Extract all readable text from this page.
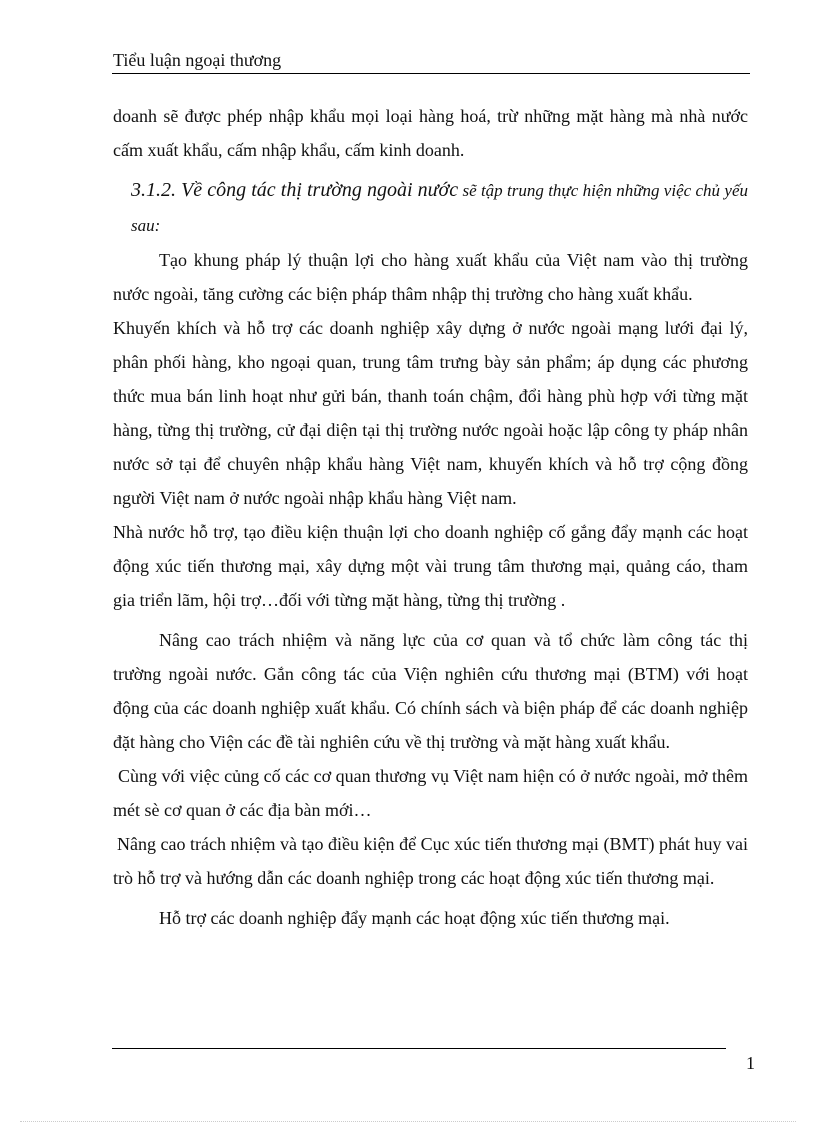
Tiểu luận ngoại thương

doanh sẽ được phép nhập khẩu mọi loại hàng hoá, trừ những mặt hàng mà nhà nước cấm xuất khẩu, cấm nhập khẩu, cấm kinh doanh.

3.1.2. Về công tác thị trường ngoài nước sẽ tập trung thực hiện những việc chủ yếu sau:

Tạo khung pháp lý thuận lợi cho hàng xuất khẩu của Việt nam vào thị trường nước ngoài, tăng cường các biện pháp thâm nhập thị trường cho hàng xuất khẩu.

Khuyến khích và hỗ trợ các doanh nghiệp xây dựng ở nước ngoài mạng lưới đại lý, phân phối hàng, kho ngoại quan, trung tâm trưng bày sản phẩm; áp dụng các phương thức mua bán linh hoạt như gửi bán, thanh toán chậm, đổi hàng phù hợp với từng mặt hàng, từng thị trường, cử đại diện tại thị trường nước ngoài hoặc lập công ty pháp nhân nước sở tại để chuyên nhập khẩu hàng Việt nam, khuyến khích và hỗ trợ cộng đồng người Việt nam ở nước ngoài nhập khẩu hàng Việt nam.

Nhà nước hỗ trợ, tạo điều kiện thuận lợi cho doanh nghiệp cố gắng đẩy mạnh các hoạt động xúc tiến thương mại, xây dựng một vài trung tâm thương mại, quảng cáo, tham gia triển lãm, hội trợ…đối với từng mặt hàng, từng thị trường .

Nâng cao trách nhiệm và năng lực của cơ quan và tổ chức làm công tác thị trường ngoài nước. Gắn công tác của Viện nghiên cứu thương mại (BTM) với hoạt động của các doanh nghiệp xuất khẩu. Có chính sách và biện pháp để các doanh nghiệp đặt hàng cho Viện các đề tài nghiên cứu về thị trường và mặt hàng xuất khẩu.

Cùng với việc củng cố các cơ quan thương vụ Việt nam hiện có ở nước ngoài, mở thêm mét sè cơ quan ở các địa bàn mới…

Nâng cao trách nhiệm và tạo điều kiện để Cục xúc tiến thương mại (BMT) phát huy vai trò hỗ trợ và hướng dẫn các doanh nghiệp trong các hoạt động xúc tiến thương mại.

Hỗ trợ các doanh nghiệp đẩy mạnh các hoạt động xúc tiến thương mại.

1
